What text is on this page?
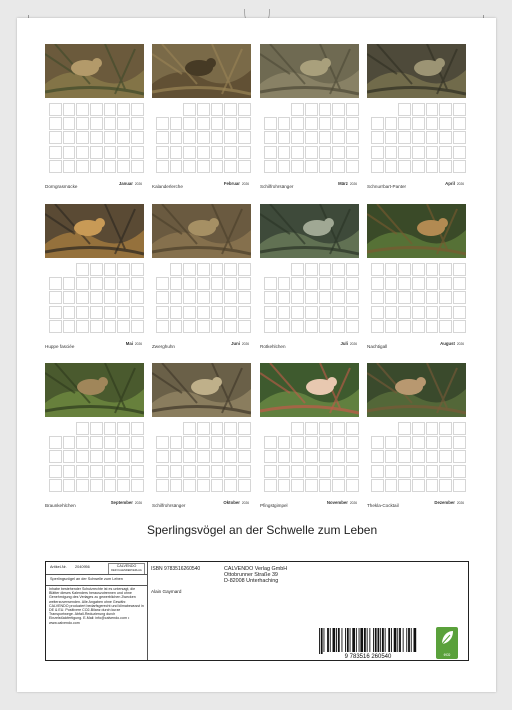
Dorngrasmücke
Januar 2026 Kalanderlerche
Februar 2026 Schilfrohrsänger
März 2026 Schnurrbart-Panter
April 2026
Huppe fasciée
Mai 2026 Zwerghuhn
Juni 2026 Rotkehlchen
Juli 2026 Nachtigall
August 2026
Braunkehlchen
September 2026 Schilfrohrsänger
Oktober 2026 Pfingstgimpel
November 2026 Thekla-Cocktail
Dezember 2026
Sperlingsvögel an der Schwelle zum Leben
Artikel-Nr. 2040956	CALVENDO
DER KALENDERVERLAG
Sperlingsvögel an der Schwelle zum Leben
Inhabe bestehender Schutzrechte ist es untersagt, die Blätter dieses Kalenders herauszutrennen und ohne Genehmigung des Verlages zu gewerblichen Zwecken weiterzuverwenden. Alle Angaben ohne Gewähr. CALVENDO produziert bedarfsgerecht und klimabewusst in DE & EU. Positivere CO2-Bilanz durch kurze Transportwege. Abfall-Reduzierung durch Einzelstückfertigung. E-Mail: info@calvendo.com • www.calvendo.com
ISBN 9783516260540
Alain Gaymard
CALVENDO Verlag GmbH
Ottobrunner Straße 39
D-82008 Unterhaching
9 783516 260540	eco
